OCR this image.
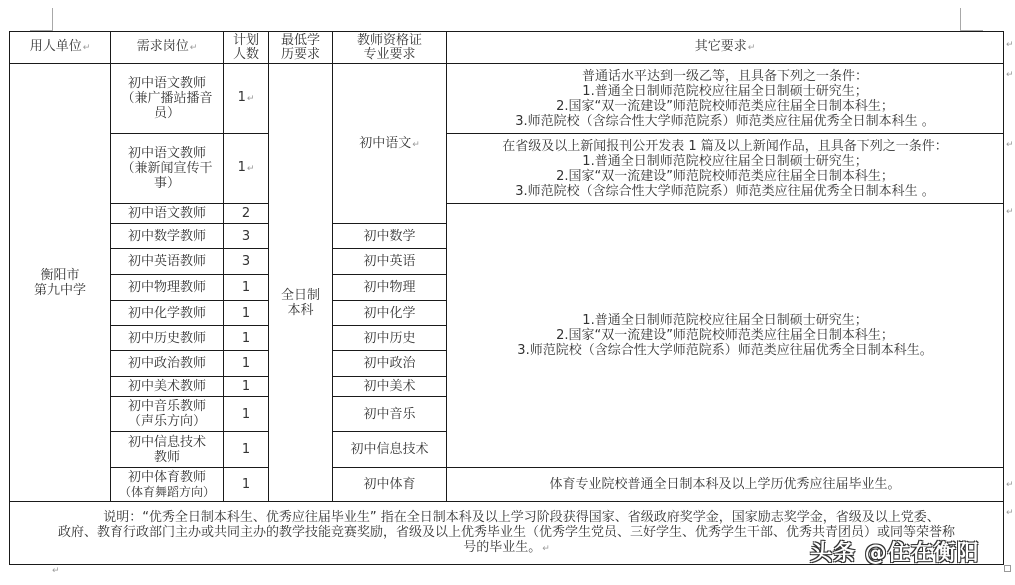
用人单位↵	需求岗位↵	计划
人数	最低学
历要求	教师资格证
专业要求	其它要求↵
衡阳市
第九中学	初中语文教师
（兼广播站播音
员）	1↵	全日制
本科	初中语文↵	普通话水平达到一级乙等，且具备下列之一条件：
1.普通全日制师范院校应往届全日制硕士研究生；
2.国家“双一流建设”师范院校师范类应往届全日制本科生；
3.师范院校（含综合性大学师范院系）师范类应往届优秀全日制本科生 。

	初中语文教师
（兼新闻宣传干
事）	1↵			在省级及以上新闻报刊公开发表 1 篇及以上新闻作品，且具备下列之一条件：
1.普通全日制师范院校应往届全日制硕士研究生；
2.国家“双一流建设”师范院校师范类应往届全日制本科生；
3.师范院校（含综合性大学师范院系）师范类应往届优秀全日制本科生 。

	初中语文教师	2			1.普通全日制师范院校应往届全日制硕士研究生；
2.国家“双一流建设”师范院校师范类应往届全日制本科生；
3.师范院校（含综合性大学师范院系）师范类应往届优秀全日制本科生。

	初中数学教师	3		初中数学	
	初中英语教师	3		初中英语	
	初中物理教师	1		初中物理	
	初中化学教师	1		初中化学	
	初中历史教师	1		初中历史	
	初中政治教师	1		初中政治	
	初中美术教师	1		初中美术	
	初中音乐教师
（声乐方向）	1		初中音乐	
	初中信息技术
教师	1		初中信息技术	
	初中体育教师
（体育舞蹈方向）	1		初中体育	体育专业院校普通全日制本科及以上学历优秀应往届毕业生。
说明：“优秀全日制本科生、优秀应往届毕业生” 指在全日制本科及以上学习阶段获得国家、省级政府奖学金，国家励志奖学金，省级及以上党委、
政府、教育行政部门主办或共同主办的教学技能竞赛奖励，省级及以上优秀毕业生（优秀学生党员、三好学生、优秀学生干部、优秀共青团员）或同等荣誉称
号的毕业生。↵					
↵
↵
↵
↵
↵
↵
↵
头条 @住在衡阳
